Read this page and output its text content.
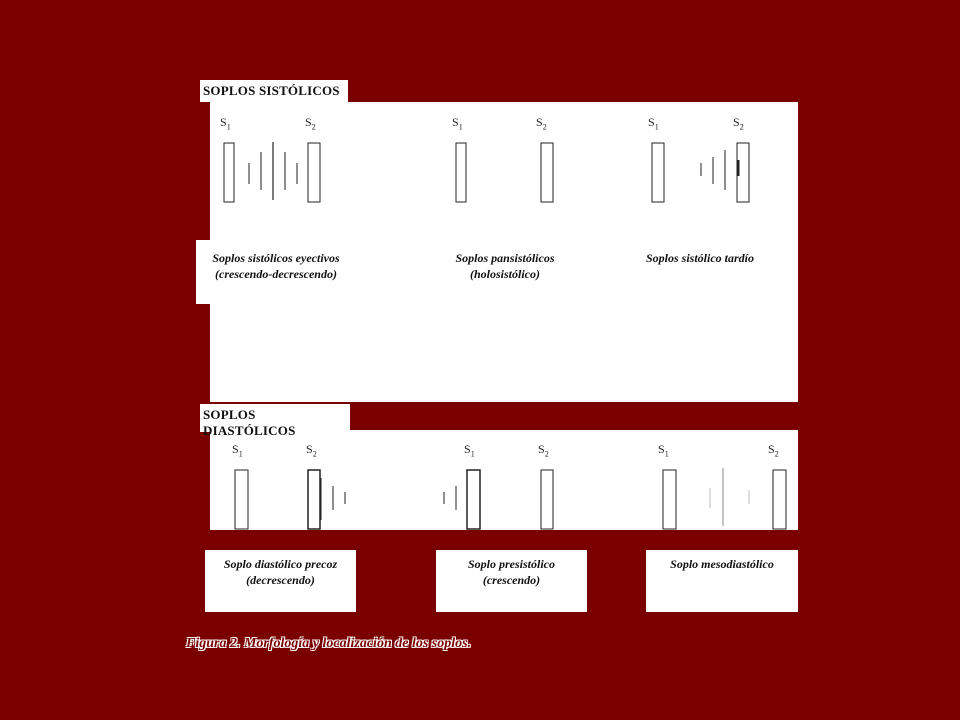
SOPLOS SISTÓLICOS
SOPLOS DIASTÓLICOS
$S_1$	$S_2$	$S_1$	$S_2$	$S_1$	$S_2$
$S_1$	$S_2$	$S_1$	$S_2$	$S_1$	$S_2$
Soplos sistólicos eyectivos
(crescendo-decrescendo)
Soplos pansistólicos
(holosistólico)
Soplos sistólico tardío
Soplo diastólico precoz
(decrescendo)
Soplo presistólico
(crescendo)
Soplo mesodiastólico
Figura 2. Morfología y localización de los soplos.
